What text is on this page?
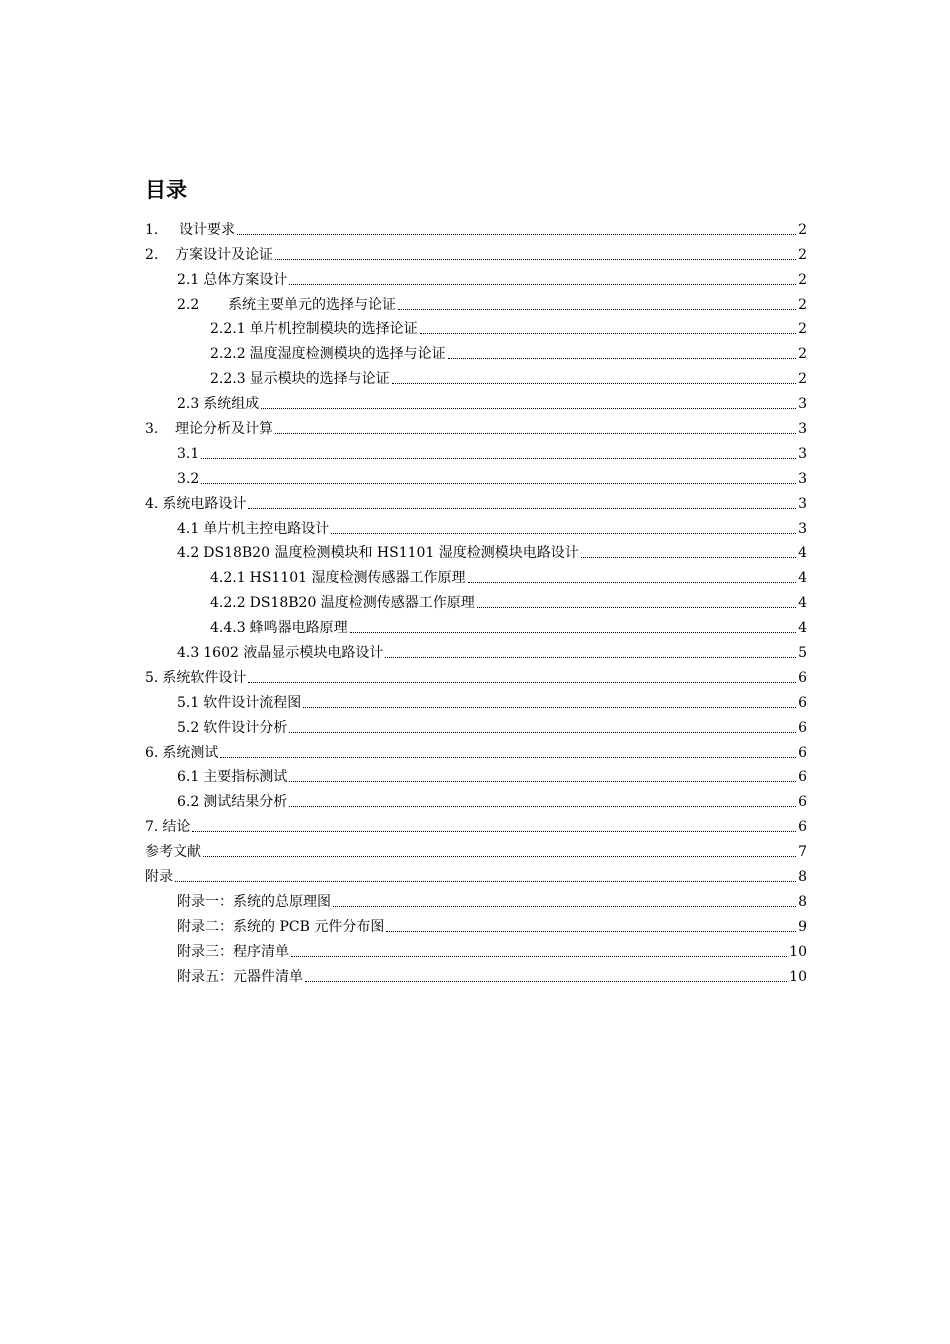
目录
1.	设计要求	2
2.	方案设计及论证	2
2.1 总体方案设计	2
2.2	系统主要单元的选择与论证	2
2.2.1 单片机控制模块的选择论证	2
2.2.2 温度湿度检测模块的选择与论证	2
2.2.3 显示模块的选择与论证	2
2.3 系统组成	3
3.	理论分析及计算	3
3.1	3
3.2	3
4. 系统电路设计	3
4.1 单片机主控电路设计	3
4.2 DS18B20 温度检测模块和 HS1101 湿度检测模块电路设计	4
4.2.1 HS1101 湿度检测传感器工作原理	4
4.2.2 DS18B20 温度检测传感器工作原理	4
4.4.3 蜂鸣器电路原理	4
4.3 1602 液晶显示模块电路设计	5
5. 系统软件设计	6
5.1 软件设计流程图	6
5.2 软件设计分析	6
6. 系统测试	6
6.1 主要指标测试	6
6.2 测试结果分析	6
7. 结论	6
参考文献	7
附录	8
附录一：系统的总原理图	8
附录二：系统的 PCB 元件分布图	9
附录三：程序清单	10
附录五：元器件清单	10
